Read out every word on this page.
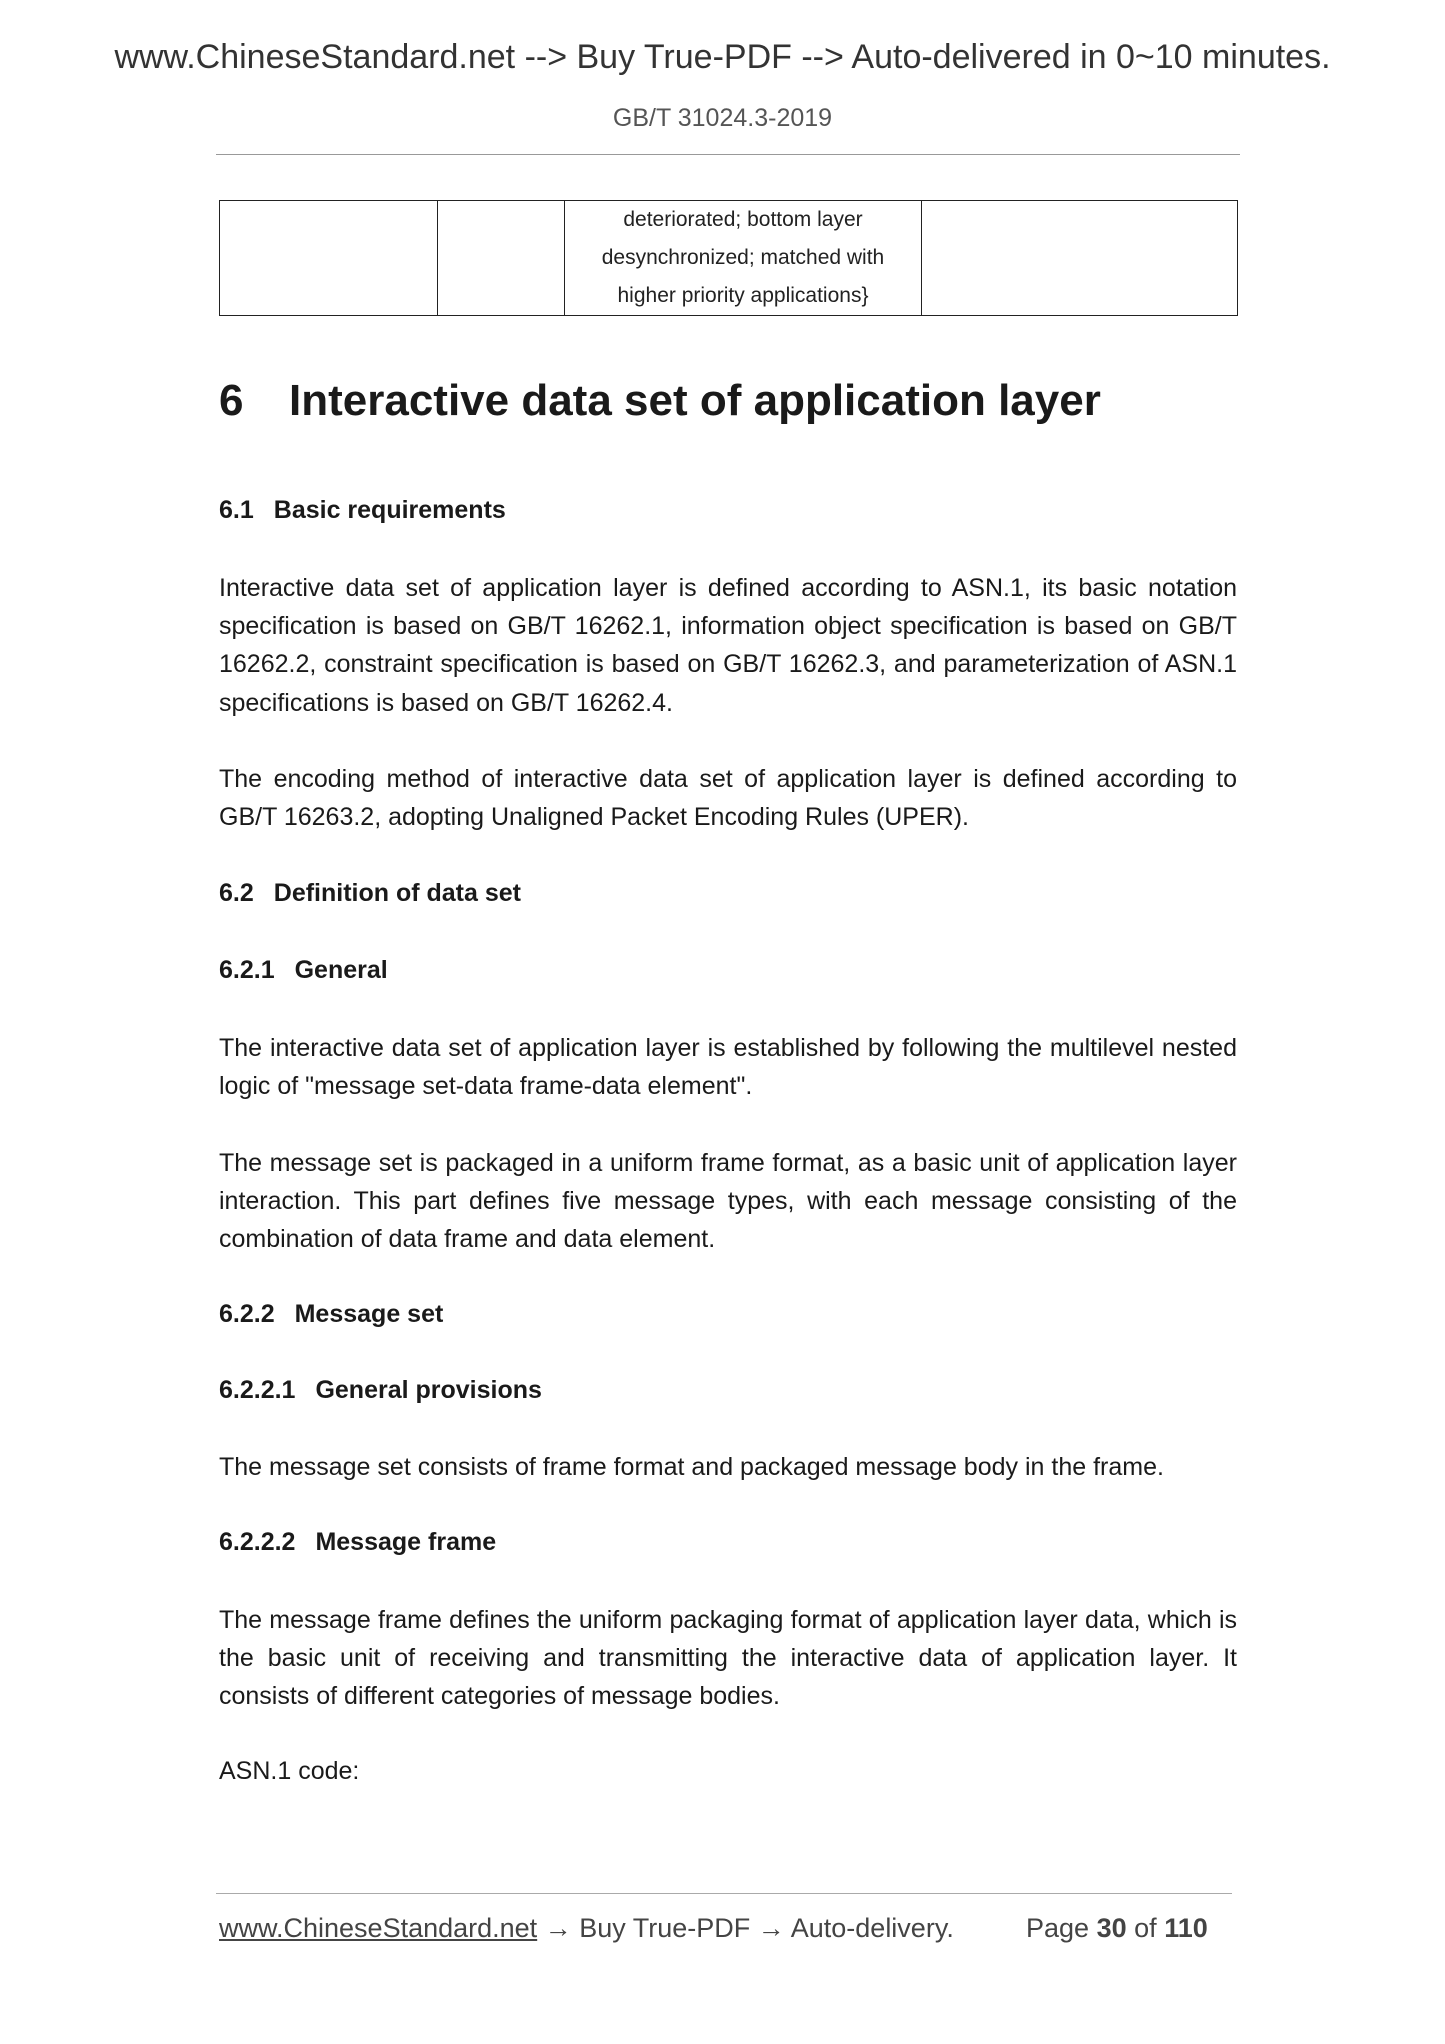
www.ChineseStandard.net --> Buy True-PDF --> Auto-delivered in 0~10 minutes.
GB/T 31024.3-2019

deteriorated; bottom layer
desynchronized; matched with
higher priority applications}

6 Interactive data set of application layer
6.1 Basic requirements
Interactive data set of application layer is defined according to ASN.1, its basic notation specification is based on GB/T 16262.1, information object specification is based on GB/T 16262.2, constraint specification is based on GB/T 16262.3, and parameterization of ASN.1 specifications is based on GB/T 16262.4.
The encoding method of interactive data set of application layer is defined according to GB/T 16263.2, adopting Unaligned Packet Encoding Rules (UPER).
6.2 Definition of data set
6.2.1 General
The interactive data set of application layer is established by following the multilevel nested logic of "message set-data frame-data element".
The message set is packaged in a uniform frame format, as a basic unit of application layer interaction. This part defines five message types, with each message consisting of the combination of data frame and data element.
6.2.2 Message set
6.2.2.1 General provisions
The message set consists of frame format and packaged message body in the frame.
6.2.2.2 Message frame
The message frame defines the uniform packaging format of application layer data, which is the basic unit of receiving and transmitting the interactive data of application layer. It consists of different categories of message bodies.
ASN.1 code:
www.ChineseStandard.net → Buy True-PDF → Auto-delivery.	Page 30 of 110
